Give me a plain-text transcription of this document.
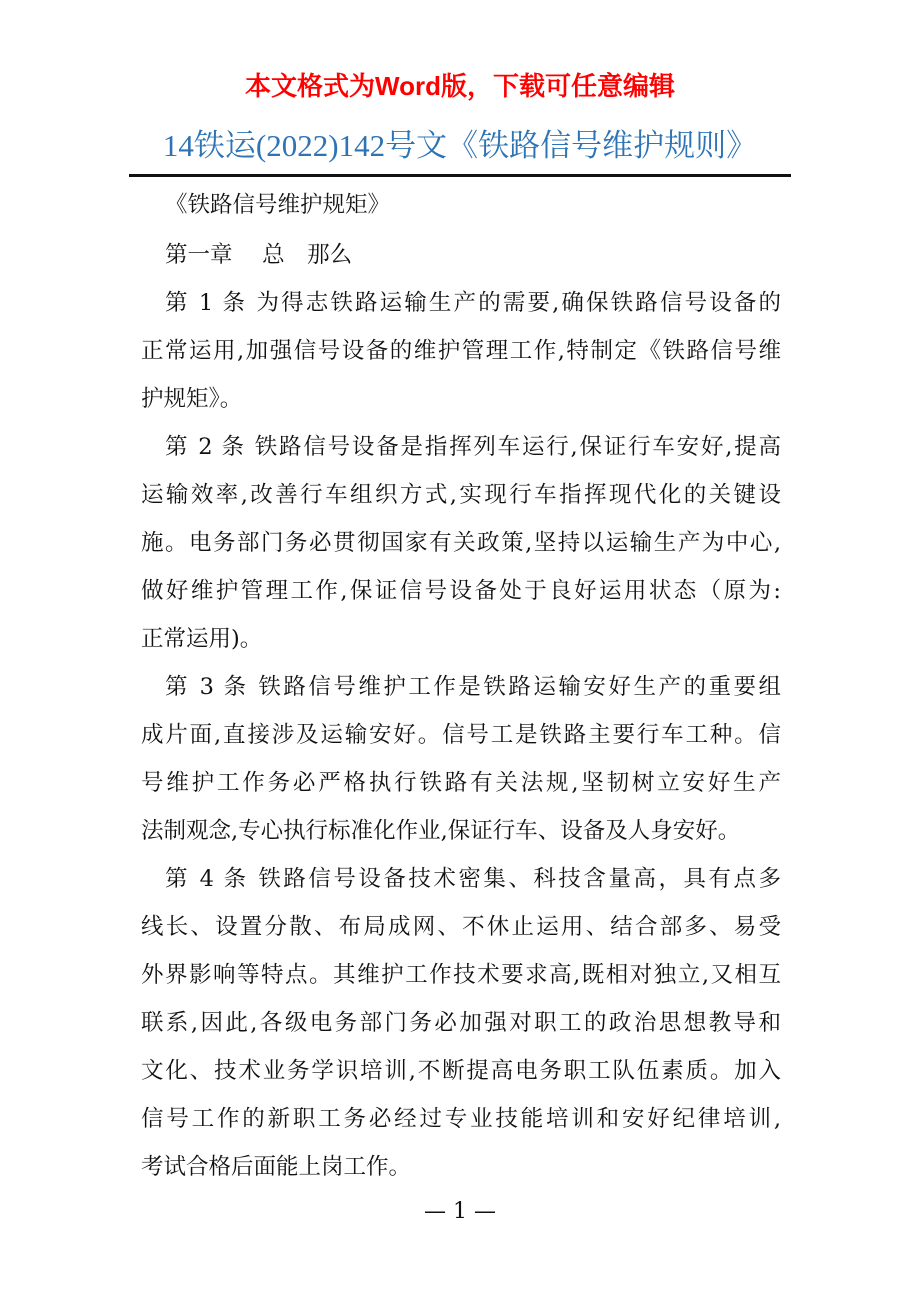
本文格式为Word版，下载可任意编辑
14铁运(2022)142号文《铁路信号维护规则》
《铁路信号维护规矩》
第一章　 总　那么
第 1 条 为得志铁路运输生产的需要,确保铁路信号设备的
正常运用,加强信号设备的维护管理工作,特制定《铁路信号维
护规矩》。
第 2 条 铁路信号设备是指挥列车运行,保证行车安好,提高
运输效率,改善行车组织方式,实现行车指挥现代化的关键设
施。电务部门务必贯彻国家有关政策,坚持以运输生产为中心,
做好维护管理工作,保证信号设备处于良好运用状态（原为:
正常运用)。
第 3 条 铁路信号维护工作是铁路运输安好生产的重要组
成片面,直接涉及运输安好。信号工是铁路主要行车工种。信
号维护工作务必严格执行铁路有关法规,坚韧树立安好生产
法制观念,专心执行标准化作业,保证行车、设备及人身安好。
第 4 条 铁路信号设备技术密集、科技含量高，具有点多
线长、设置分散、布局成网、不休止运用、结合部多、易受
外界影响等特点。其维护工作技术要求高,既相对独立,又相互
联系,因此,各级电务部门务必加强对职工的政治思想教导和
文化、技术业务学识培训,不断提高电务职工队伍素质。加入
信号工作的新职工务必经过专业技能培训和安好纪律培训,
考试合格后面能上岗工作。
— 1 —
